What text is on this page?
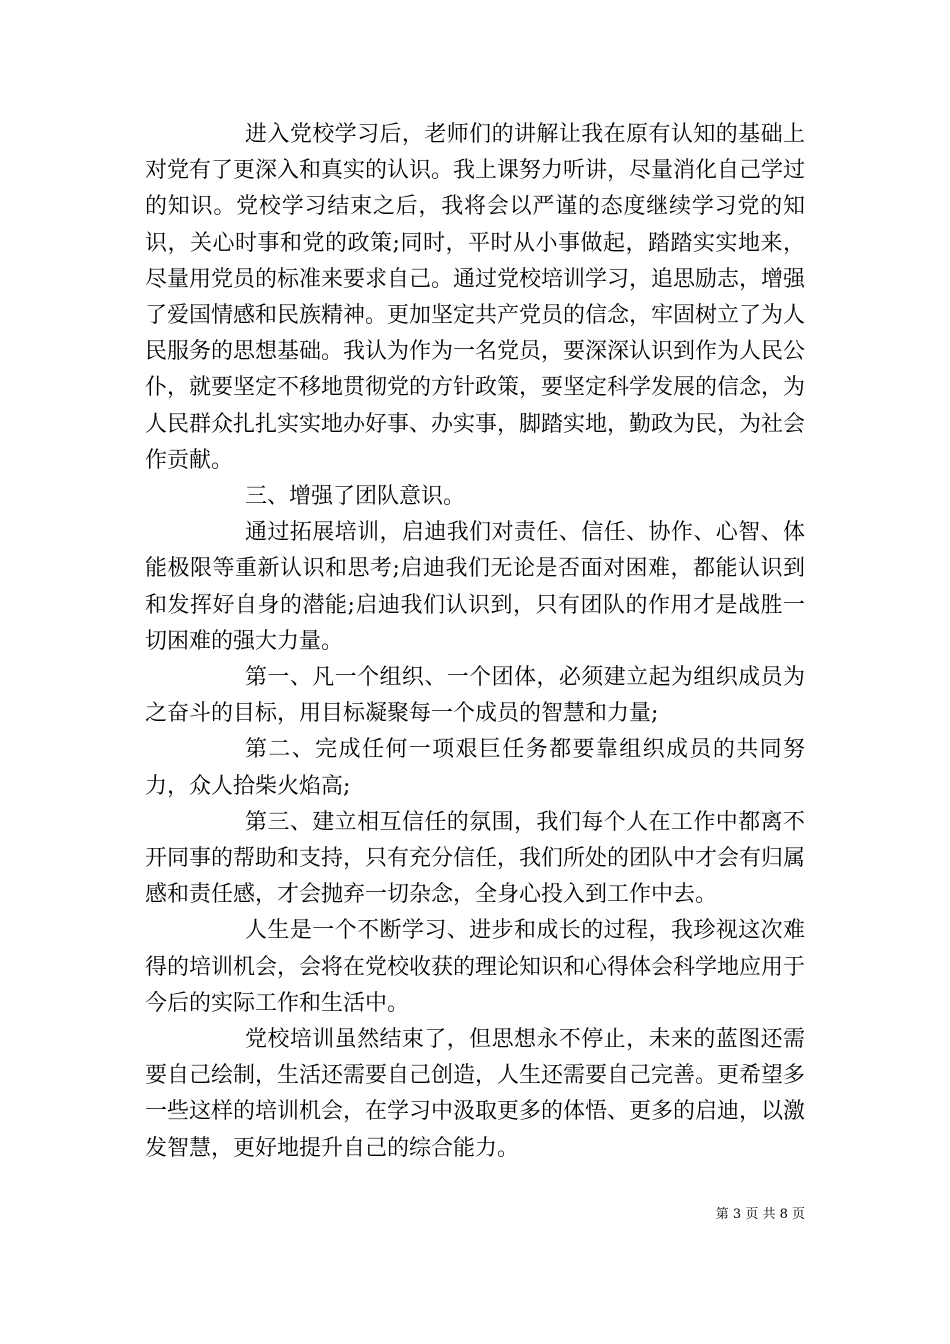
进入党校学习后，老师们的讲解让我在原有认知的基础上对党有了更深入和真实的认识。我上课努力听讲，尽量消化自己学过的知识。党校学习结束之后，我将会以严谨的态度继续学习党的知识，关心时事和党的政策;同时，平时从小事做起，踏踏实实地来，尽量用党员的标准来要求自己。通过党校培训学习，追思励志，增强了爱国情感和民族精神。更加坚定共产党员的信念，牢固树立了为人民服务的思想基础。我认为作为一名党员，要深深认识到作为人民公仆，就要坚定不移地贯彻党的方针政策，要坚定科学发展的信念，为人民群众扎扎实实地办好事、办实事，脚踏实地，勤政为民，为社会作贡献。

三、增强了团队意识。

通过拓展培训，启迪我们对责任、信任、协作、心智、体能极限等重新认识和思考;启迪我们无论是否面对困难，都能认识到和发挥好自身的潜能;启迪我们认识到，只有团队的作用才是战胜一切困难的强大力量。

第一、凡一个组织、一个团体，必须建立起为组织成员为之奋斗的目标，用目标凝聚每一个成员的智慧和力量;

第二、完成任何一项艰巨任务都要靠组织成员的共同努力，众人拾柴火焰高;

第三、建立相互信任的氛围，我们每个人在工作中都离不开同事的帮助和支持，只有充分信任，我们所处的团队中才会有归属感和责任感，才会抛弃一切杂念，全身心投入到工作中去。

人生是一个不断学习、进步和成长的过程，我珍视这次难得的培训机会，会将在党校收获的理论知识和心得体会科学地应用于今后的实际工作和生活中。

党校培训虽然结束了，但思想永不停止，未来的蓝图还需要自己绘制，生活还需要自己创造，人生还需要自己完善。更希望多一些这样的培训机会，在学习中汲取更多的体悟、更多的启迪，以激发智慧，更好地提升自己的综合能力。

第 3 页 共 8 页
